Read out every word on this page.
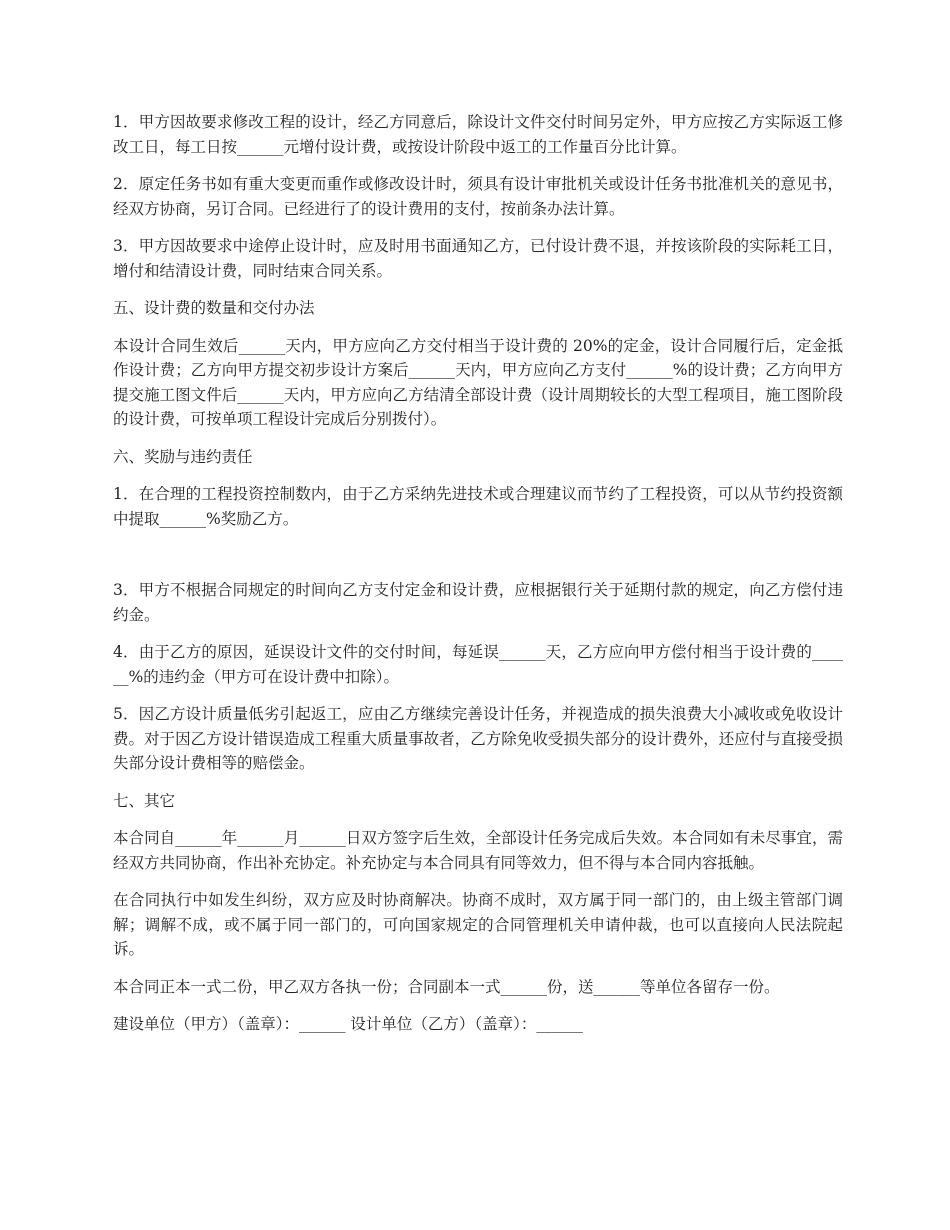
1．甲方因故要求修改工程的设计，经乙方同意后，除设计文件交付时间另定外，甲方应按乙方实际返工修改工日，每工日按______元增付设计费，或按设计阶段中返工的工作量百分比计算。

2．原定任务书如有重大变更而重作或修改设计时，须具有设计审批机关或设计任务书批准机关的意见书，经双方协商，另订合同。已经进行了的设计费用的支付，按前条办法计算。

3．甲方因故要求中途停止设计时，应及时用书面通知乙方，已付设计费不退，并按该阶段的实际耗工日，增付和结清设计费，同时结束合同关系。

五、设计费的数量和交付办法

本设计合同生效后______天内，甲方应向乙方交付相当于设计费的 20%的定金，设计合同履行后，定金抵作设计费；乙方向甲方提交初步设计方案后______天内，甲方应向乙方支付______%的设计费；乙方向甲方提交施工图文件后______天内，甲方应向乙方结清全部设计费（设计周期较长的大型工程项目，施工图阶段的设计费，可按单项工程设计完成后分别拨付）。

六、奖励与违约责任

1．在合理的工程投资控制数内，由于乙方采纳先进技术或合理建议而节约了工程投资，可以从节约投资额中提取______%奖励乙方。

3．甲方不根据合同规定的时间向乙方支付定金和设计费，应根据银行关于延期付款的规定，向乙方偿付违约金。

4．由于乙方的原因，延误设计文件的交付时间，每延误______天，乙方应向甲方偿付相当于设计费的______%的违约金（甲方可在设计费中扣除）。

5．因乙方设计质量低劣引起返工，应由乙方继续完善设计任务，并视造成的损失浪费大小减收或免收设计费。对于因乙方设计错误造成工程重大质量事故者，乙方除免收受损失部分的设计费外，还应付与直接受损失部分设计费相等的赔偿金。

七、其它

本合同自______年______月______日双方签字后生效，全部设计任务完成后失效。本合同如有未尽事宜，需经双方共同协商，作出补充协定。补充协定与本合同具有同等效力，但不得与本合同内容抵触。

在合同执行中如发生纠纷，双方应及时协商解决。协商不成时，双方属于同一部门的，由上级主管部门调解；调解不成，或不属于同一部门的，可向国家规定的合同管理机关申请仲裁，也可以直接向人民法院起诉。

本合同正本一式二份，甲乙双方各执一份；合同副本一式______份，送______等单位各留存一份。

建设单位（甲方）（盖章）：______ 设计单位（乙方）（盖章）：______
